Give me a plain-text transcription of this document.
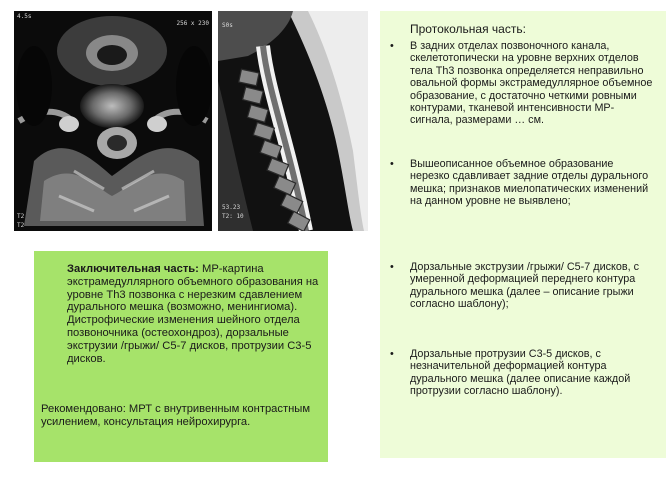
4.5s
256 x 230
T2
T2
S0s
53.23
T2: 10
Протокольная часть:
• В задних отделах позвоночного канала, скелетотопически на уровне верхних отделов тела Th3 позвонка определяется неправильно овальной формы экстрамедуллярное объемное образование, с достаточно четкими ровными контурами, тканевой интенсивности МР-сигнала, размерами … см.
• Вышеописанное объемное образование нерезко сдавливает задние отделы дурального мешка; признаков миелопатических изменений на данном уровне не выявлено;
• Дорзальные экструзии /грыжи/ С5-7 дисков, с умеренной деформацией переднего контура дурального мешка (далее – описание грыжи согласно шаблону);
• Дорзальные протрузии С3-5 дисков, с незначительной деформацией контура дурального мешка (далее описание каждой протрузии согласно шаблону).
Заключительная часть: МР-картина экстрамедуллярного объемного образования на уровне Th3 позвонка с нерезким сдавлением дурального мешка (возможно, менингиома). Дистрофические изменения шейного отдела позвоночника (остеохондроз), дорзальные экструзии /грыжи/ С5-7 дисков, протрузии С3-5 дисков.
Рекомендовано: МРТ с внутривенным контрастным усилением, консультация нейрохирурга.
